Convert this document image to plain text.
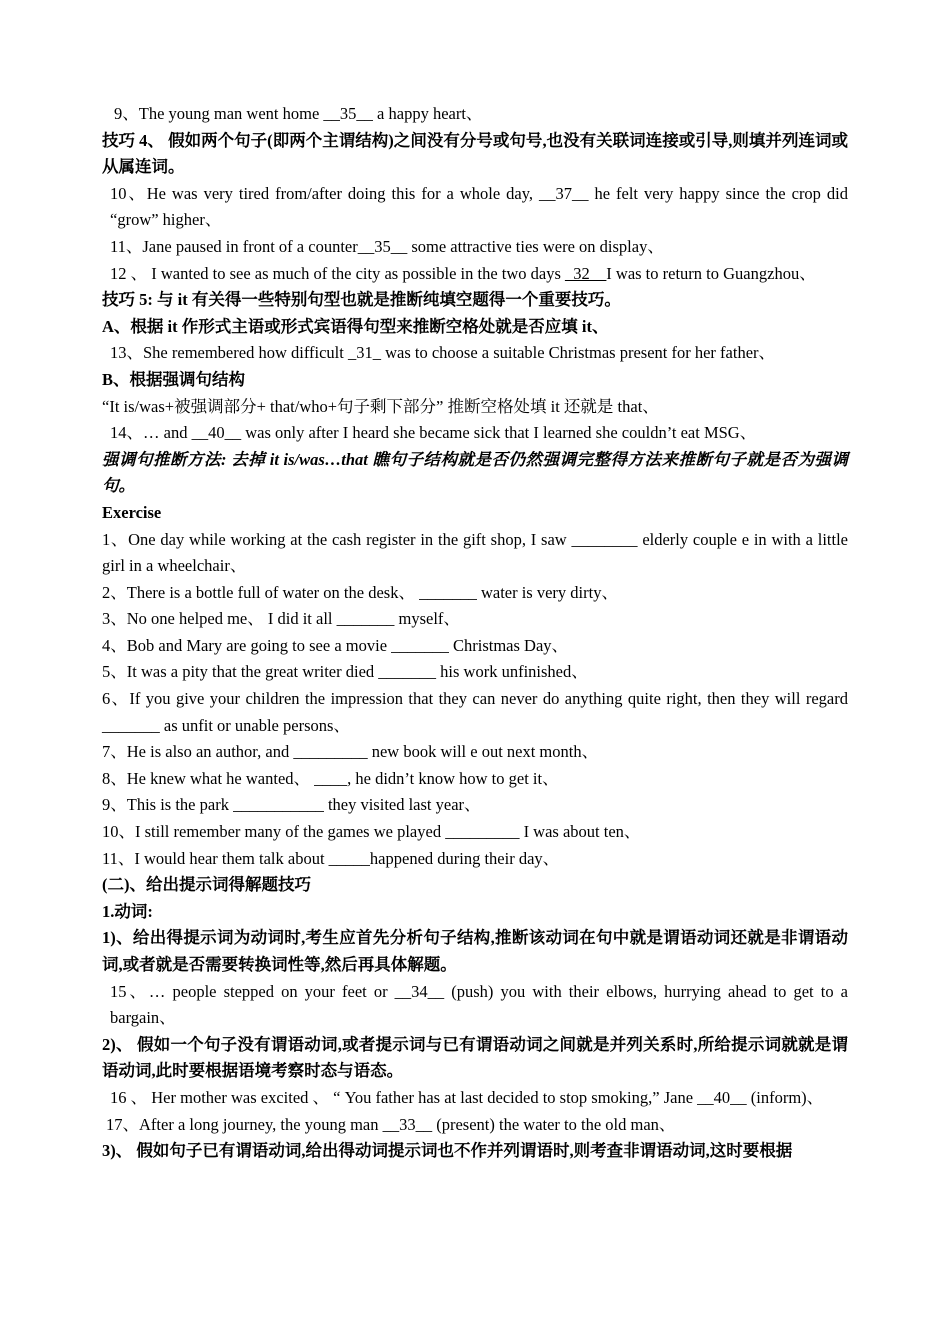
9、The young man went home __35__ a happy heart、

技巧 4、 假如两个句子(即两个主谓结构)之间没有分号或句号,也没有关联词连接或引导,则填并列连词或从属连词。

10、He was very tired from/after doing this for a whole day, __37__ he felt very happy since the crop did “grow” higher、

11、Jane paused in front of a counter__35__ some attractive ties were on display、

12 、 I wanted to see as much of the city as possible in the two days _32__I was to return to Guangzhou、

技巧 5: 与 it 有关得一些特别句型也就是推断纯填空题得一个重要技巧。

A、根据 it 作形式主语或形式宾语得句型来推断空格处就是否应填 it、

13、She remembered how difficult _31_ was to choose a suitable Christmas present for her father、

B、根据强调句结构

“It is/was+被强调部分+ that/who+句子剩下部分” 推断空格处填 it 还就是 that、

14、… and __40__ was only after I heard she became sick that I learned she couldn’t eat MSG、

强调句推断方法: 去掉 it is/was…that 瞧句子结构就是否仍然强调完整得方法来推断句子就是否为强调句。

Exercise

1、One day while working at the cash register in the gift shop, I saw ________ elderly couple e in with a little girl in a wheelchair、

2、There is a bottle full of water on the desk、 _______ water is very dirty、

3、No one helped me、 I did it all _______ myself、

4、Bob and Mary are going to see a movie _______ Christmas Day、

5、It was a pity that the great writer died _______ his work unfinished、

6、If you give your children the impression that they can never do anything quite right, then they will regard _______ as unfit or unable persons、

7、He is also an author, and _________ new book will e out next month、

8、He knew what he wanted、 ____, he didn’t know how to get it、

9、This is the park ___________ they visited last year、

10、I still remember many of the games we played _________ I was about ten、

11、I would hear them talk about _____happened during their day、

(二)、给出提示词得解题技巧

1.动词:

1)、给出得提示词为动词时,考生应首先分析句子结构,推断该动词在句中就是谓语动词还就是非谓语动词,或者就是否需要转换词性等,然后再具体解题。

15、… people stepped on your feet or __34__ (push) you with their elbows, hurrying ahead to get to a bargain、

2)、 假如一个句子没有谓语动词,或者提示词与已有谓语动词之间就是并列关系时,所给提示词就就是谓语动词,此时要根据语境考察时态与语态。

16 、 Her mother was excited 、 “ You father has at last decided to stop smoking,” Jane __40__ (inform)、

17、After a long journey, the young man __33__ (present) the water to the old man、

3)、 假如句子已有谓语动词,给出得动词提示词也不作并列谓语时,则考查非谓语动词,这时要根据
